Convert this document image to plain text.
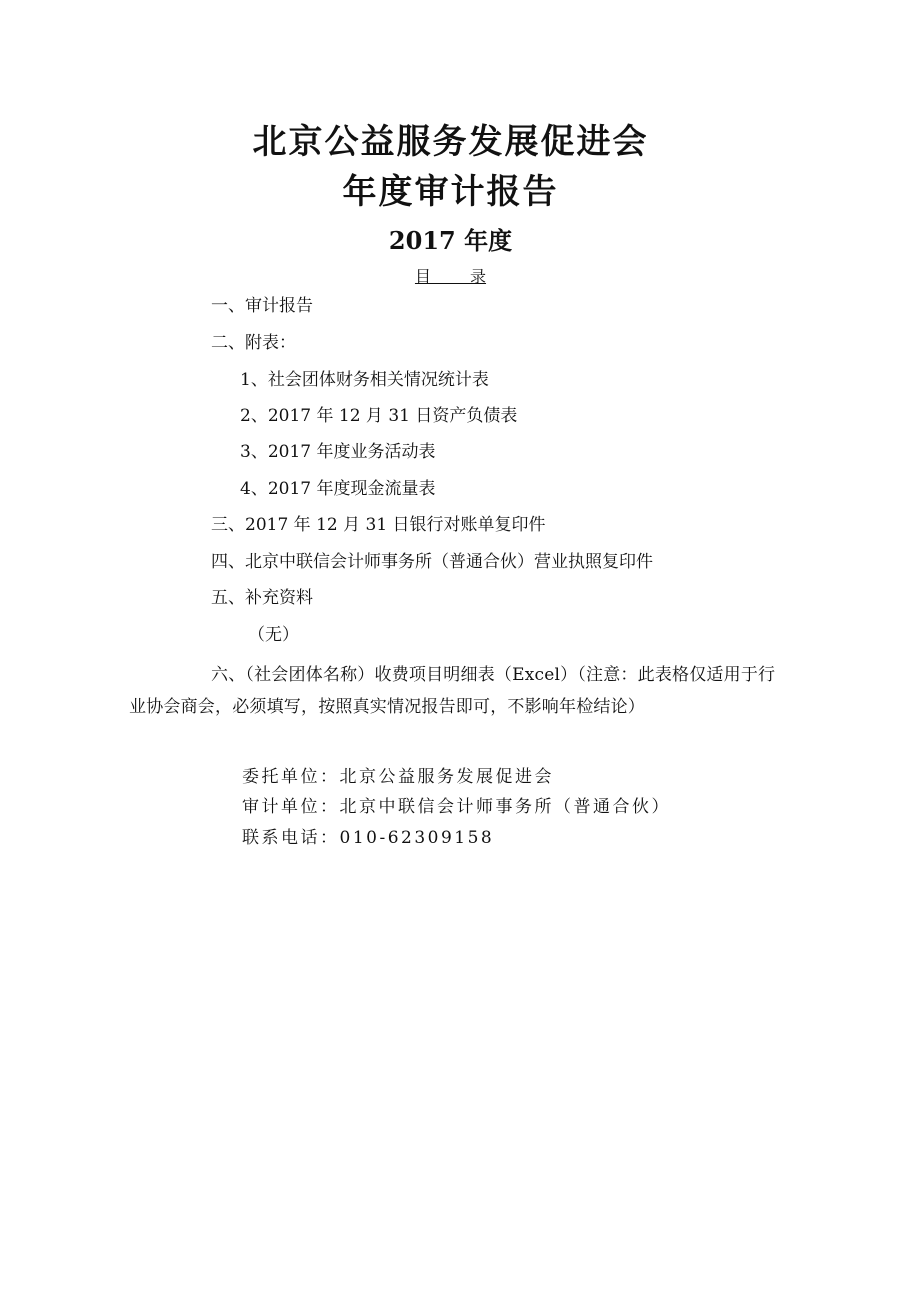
北京公益服务发展促进会
年度审计报告
2017 年度
目 录
一、审计报告
二、附表：
1、社会团体财务相关情况统计表
2、2017 年 12 月 31 日资产负债表
3、2017 年度业务活动表
4、2017 年度现金流量表
三、2017 年 12 月 31 日银行对账单复印件
四、北京中联信会计师事务所（普通合伙）营业执照复印件
五、补充资料
（无）
六、（社会团体名称）收费项目明细表（Excel）（注意：此表格仅适用于行业协会商会，必须填写，按照真实情况报告即可，不影响年检结论）
委托单位：北京公益服务发展促进会
审计单位：北京中联信会计师事务所（普通合伙）
联系电话：010-62309158
